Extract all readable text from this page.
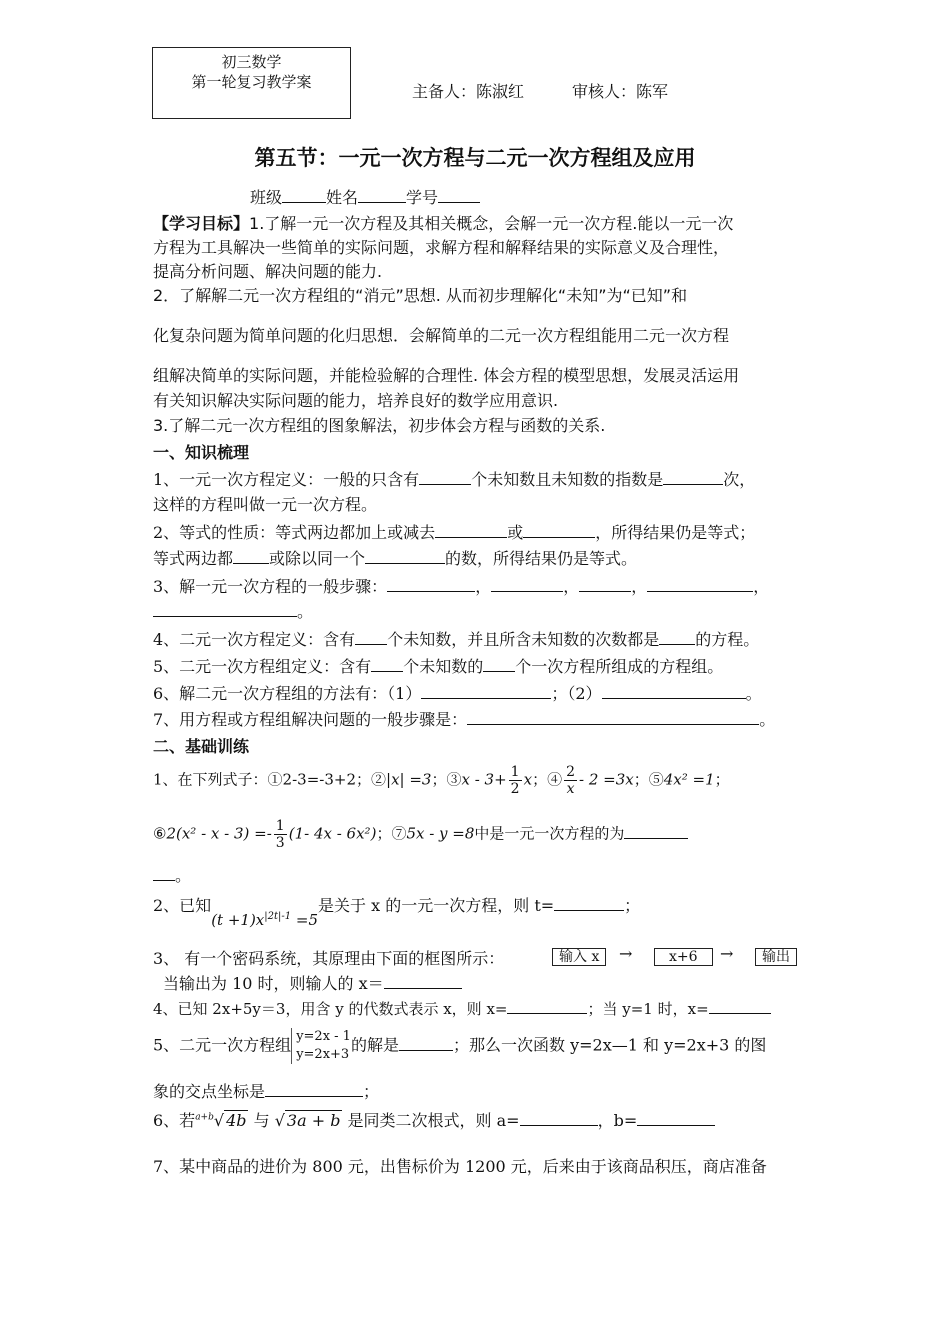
初三数学
第一轮复习教学案	主备人：陈淑红	审核人：陈军
第五节：一元一次方程与二元一次方程组及应用
班级	姓名	学号
【学习目标】1.了解一元一次方程及其相关概念，会解一元一次方程.能以一元一次
方程为工具解决一些简单的实际问题，求解方程和解释结果的实际意义及合理性，
提高分析问题、解决问题的能力.
2．了解解二元一次方程组的“消元”思想. 从而初步理解化“未知”为“已知”和
化复杂问题为简单问题的化归思想．会解简单的二元一次方程组能用二元一次方程
组解决简单的实际问题，并能检验解的合理性. 体会方程的模型思想，发展灵活运用
有关知识解决实际问题的能力，培养良好的数学应用意识.
3.了解二元一次方程组的图象解法，初步体会方程与函数的关系.
一、知识梳理
1、一元一次方程定义：一般的只含有	个未知数且未知数的指数是	次，
这样的方程叫做一元一次方程。
2、等式的性质：等式两边都加上或减去	或	，所得结果仍是等式；
等式两边都 或除以同一个	的数，所得结果仍是等式。
3、解一元一次方程的一般步骤：	，	，	，	，
。
4、二元一次方程定义：含有 个未知数，并且所含未知数的次数都是 的方程。
5、二元一次方程组定义：含有 个未知数的 个一次方程所组成的方程组。
6、解二元一次方程组的方法有：（1）	；（2）	。
7、用方程或方程组解决问题的一般步骤是：	。
二、基础训练
1、在下列式子：①2-3=-3+2；②|x| =3；③x - $3+ \frac{1}{2}$ x；④ $\frac{2}{x} - 2 =3x$；⑤4x² =1；
⑥2(x² - $x - 3) =- \frac{1}{3} (1-$ 4x - 6x²)；⑦5x - y =8中是一元一次方程的为
。
2、已知$(t +1)x^{|2t|-1} =5$是关于 x 的一元一次方程，则 t=	；
3、 有一个密码系统，其原理由下面的框图所示：	输入 x	→	x+6	→	输出
当输出为 10 时，则输人的 x＝
4、已知 2x+5y＝3，用含 y 的代数式表示 x，则 x=	；当 y=1 时，x=
5、二元一次方程组 y=2x - 1
y=2x+3 的解是	；那么一次函数 y=2x—1 和 y=2x+3 的图
象的交点坐标是	；
6、若$^{a+b}$√ 4b 与 √ 3a + b 是同类二次根式，则 a=	，b=
7、某中商品的进价为 800 元，出售标价为 1200 元，后来由于该商品积压，商店准备
